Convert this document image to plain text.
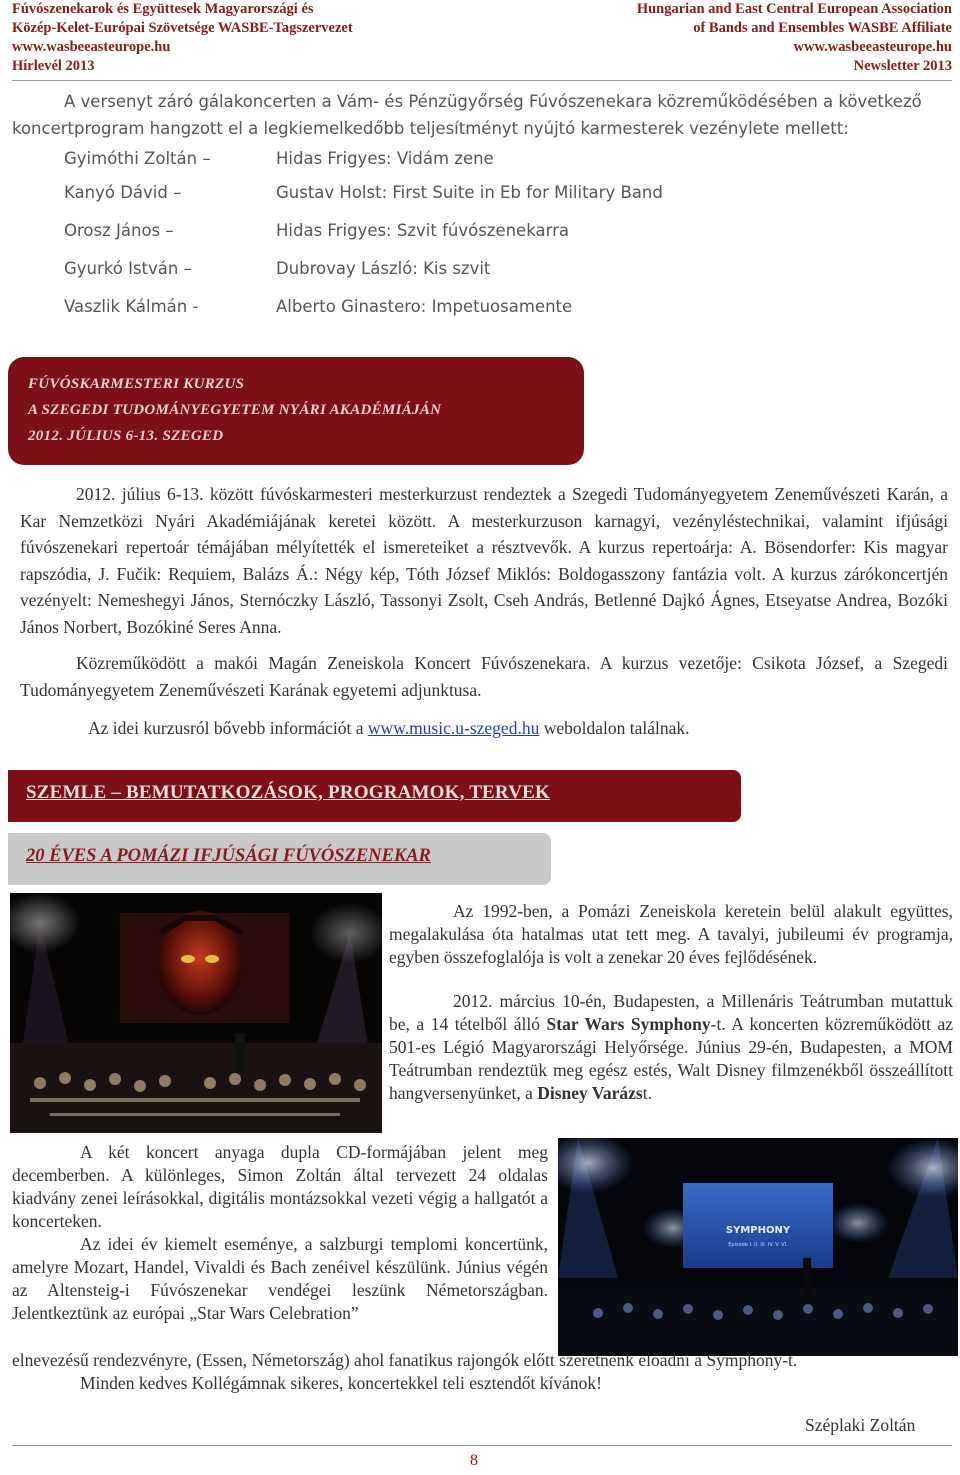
Fúvószenekarok és Együttesek Magyarországi és
Közép-Kelet-Európai Szövetsége WASBE-Tagszervezet
www.wasbeeasteurope.hu
Hírlevél 2013
Hungarian and East Central European Association
of Bands and Ensembles WASBE Affiliate
www.wasbeeasteurope.hu
Newsletter 2013
A versenyt záró gálakoncerten a Vám- és Pénzügyőrség Fúvószenekara közreműködésében a következő
koncertprogram hangzott el a legkiemelkedőbb teljesítményt nyújtó karmesterek vezénylete mellett:
Gyimóthi Zoltán –	Hidas Frigyes: Vidám zene
Kanyó Dávid –	Gustav Holst: First Suite in Eb for Military Band
Orosz János –	Hidas Frigyes: Szvit fúvószenekarra
Gyurkó István –	Dubrovay László: Kis szvit
Vaszlik Kálmán -	Alberto Ginastero: Impetuosamente
FÚVÓSKARMESTERI KURZUS
A SZEGEDI TUDOMÁNYEGYETEM NYÁRI AKADÉMIÁJÁN
2012. JÚLIUS 6-13. SZEGED
2012. július 6-13. között fúvóskarmesteri mesterkurzust rendeztek a Szegedi Tudományegyetem Zeneművészeti Karán, a Kar Nemzetközi Nyári Akadémiájának keretei között. A mesterkurzuson karnagyi, vezényléstechnikai, valamint ifjúsági fúvószenekari repertoár témájában mélyítették el ismereteiket a résztvevők. A kurzus repertoárja: A. Bösendorfer: Kis magyar rapszódia, J. Fučik: Requiem, Balázs Á.: Négy kép, Tóth József Miklós: Boldogasszony fantázia volt. A kurzus zárókoncertjén vezényelt: Nemeshegyi János, Sternóczky László, Tassonyi Zsolt, Cseh András, Betlenné Dajkó Ágnes, Etseyatse Andrea, Bozóki János Norbert, Bozókiné Seres Anna.
Közreműködött a makói Magán Zeneiskola Koncert Fúvószenekara. A kurzus vezetője: Csikota József, a Szegedi Tudományegyetem Zeneművészeti Karának egyetemi adjunktusa.
Az idei kurzusról bővebb információt a www.music.u-szeged.hu weboldalon találnak.
SZEMLE – BEMUTATKOZÁSOK, PROGRAMOK, TERVEK
20 ÉVES A POMÁZI IFJÚSÁGI FÚVÓSZENEKAR
Az 1992-ben, a Pomázi Zeneiskola keretein belül alakult együttes, megalakulása óta hatalmas utat tett meg. A tavalyi, jubileumi év programja, egyben összefoglalója is volt a zenekar 20 éves fejlődésének.
2012. március 10-én, Budapesten, a Millenáris Teátrumban mutattuk be, a 14 tételből álló Star Wars Symphony-t. A koncerten közreműködött az 501-es Légió Magyarországi Helyőrsége. Június 29-én, Budapesten, a MOM Teátrumban rendeztük meg egész estés, Walt Disney filmzenékből összeállított hangversenyünket, a Disney Varázst.
A két koncert anyaga dupla CD-formájában jelent meg decemberben. A különleges, Simon Zoltán által tervezett 24 oldalas kiadvány zenei leírásokkal, digitális montázsokkal vezeti végig a hallgatót a koncerteken.
Az idei év kiemelt eseménye, a salzburgi templomi koncertünk, amelyre Mozart, Handel, Vivaldi és Bach zenéivel készülünk. Június végén az Altensteig-i Fúvószenekar vendégei leszünk Németországban. Jelentkeztünk az európai „Star Wars Celebration”
SYMPHONY
Episode I. II. III. IV. V. VI.
elnevezésű rendezvényre, (Essen, Németország) ahol fanatikus rajongók előtt szeretnénk előadni a Symphony-t.
Minden kedves Kollégámnak sikeres, koncertekkel teli esztendőt kívánok!
Széplaki Zoltán
8
